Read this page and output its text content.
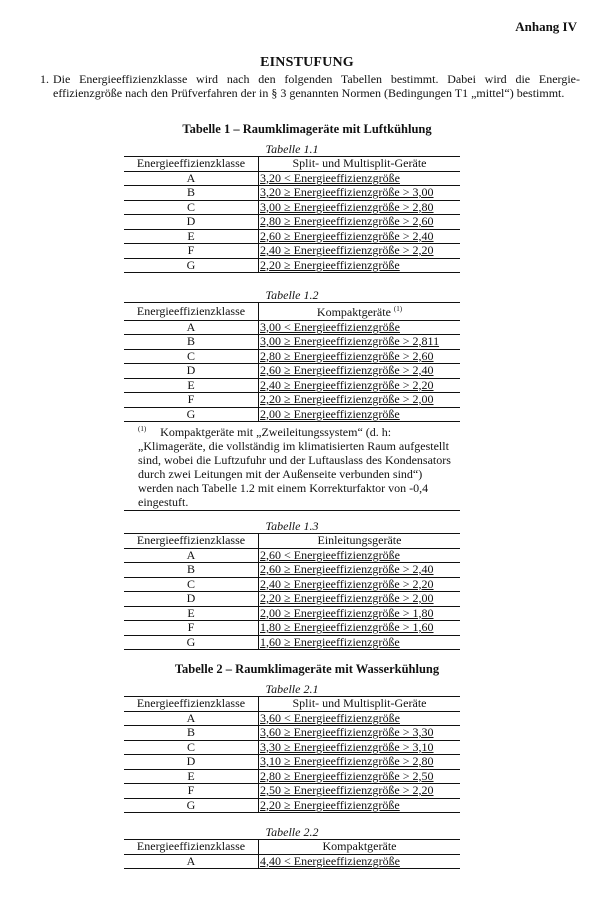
Anhang IV
EINSTUFUNG
1. Die Energieeffizienzklasse wird nach den folgenden Tabellen bestimmt. Dabei wird die Energieeffizienzgröße nach den Prüfverfahren der in § 3 genannten Normen (Bedingungen T1 „mittel“) bestimmt.
Tabelle 1 – Raumklimageräte mit Luftkühlung
Tabelle 1.1
Energieeffizienzklasse	Split- und Multisplit-Geräte
A	3,20 < Energieeffizienzgröße
B	3,20 ≥ Energieeffizienzgröße > 3,00
C	3,00 ≥ Energieeffizienzgröße > 2,80
D	2,80 ≥ Energieeffizienzgröße > 2,60
E	2,60 ≥ Energieeffizienzgröße > 2,40
F	2,40 ≥ Energieeffizienzgröße > 2,20
G	2,20 ≥ Energieeffizienzgröße
Tabelle 1.2
Energieeffizienzklasse	Kompaktgeräte $^{(1)}$
A	3,00 < Energieeffizienzgröße
B	3,00 ≥ Energieeffizienzgröße > 2,811
C	2,80 ≥ Energieeffizienzgröße > 2,60
D	2,60 ≥ Energieeffizienzgröße > 2,40
E	2,40 ≥ Energieeffizienzgröße > 2,20
F	2,20 ≥ Energieeffizienzgröße > 2,00
G	2,00 ≥ Energieeffizienzgröße
$^{(1)}$ Kompaktgeräte mit „Zweileitungssystem“ (d. h: „Klimageräte, die vollständig im klimatisierten Raum aufgestellt sind, wobei die Luftzufuhr und der Luftauslass des Kondensators durch zwei Leitungen mit der Außenseite verbunden sind“) werden nach Tabelle 1.2 mit einem Korrekturfaktor von -0,4 eingestuft.
Tabelle 1.3
Energieeffizienzklasse	Einleitungsgeräte
A	2,60 < Energieeffizienzgröße
B	2,60 ≥ Energieeffizienzgröße > 2,40
C	2,40 ≥ Energieeffizienzgröße > 2,20
D	2,20 ≥ Energieeffizienzgröße > 2,00
E	2,00 ≥ Energieeffizienzgröße > 1,80
F	1,80 ≥ Energieeffizienzgröße > 1,60
G	1,60 ≥ Energieeffizienzgröße
Tabelle 2 – Raumklimageräte mit Wasserkühlung
Tabelle 2.1
Energieeffizienzklasse	Split- und Multisplit-Geräte
A	3,60 < Energieeffizienzgröße
B	3,60 ≥ Energieeffizienzgröße > 3,30
C	3,30 ≥ Energieeffizienzgröße > 3,10
D	3,10 ≥ Energieeffizienzgröße > 2,80
E	2,80 ≥ Energieeffizienzgröße > 2,50
F	2,50 ≥ Energieeffizienzgröße > 2,20
G	2,20 ≥ Energieeffizienzgröße
Tabelle 2.2
Energieeffizienzklasse	Kompaktgeräte
A	4,40 < Energieeffizienzgröße
